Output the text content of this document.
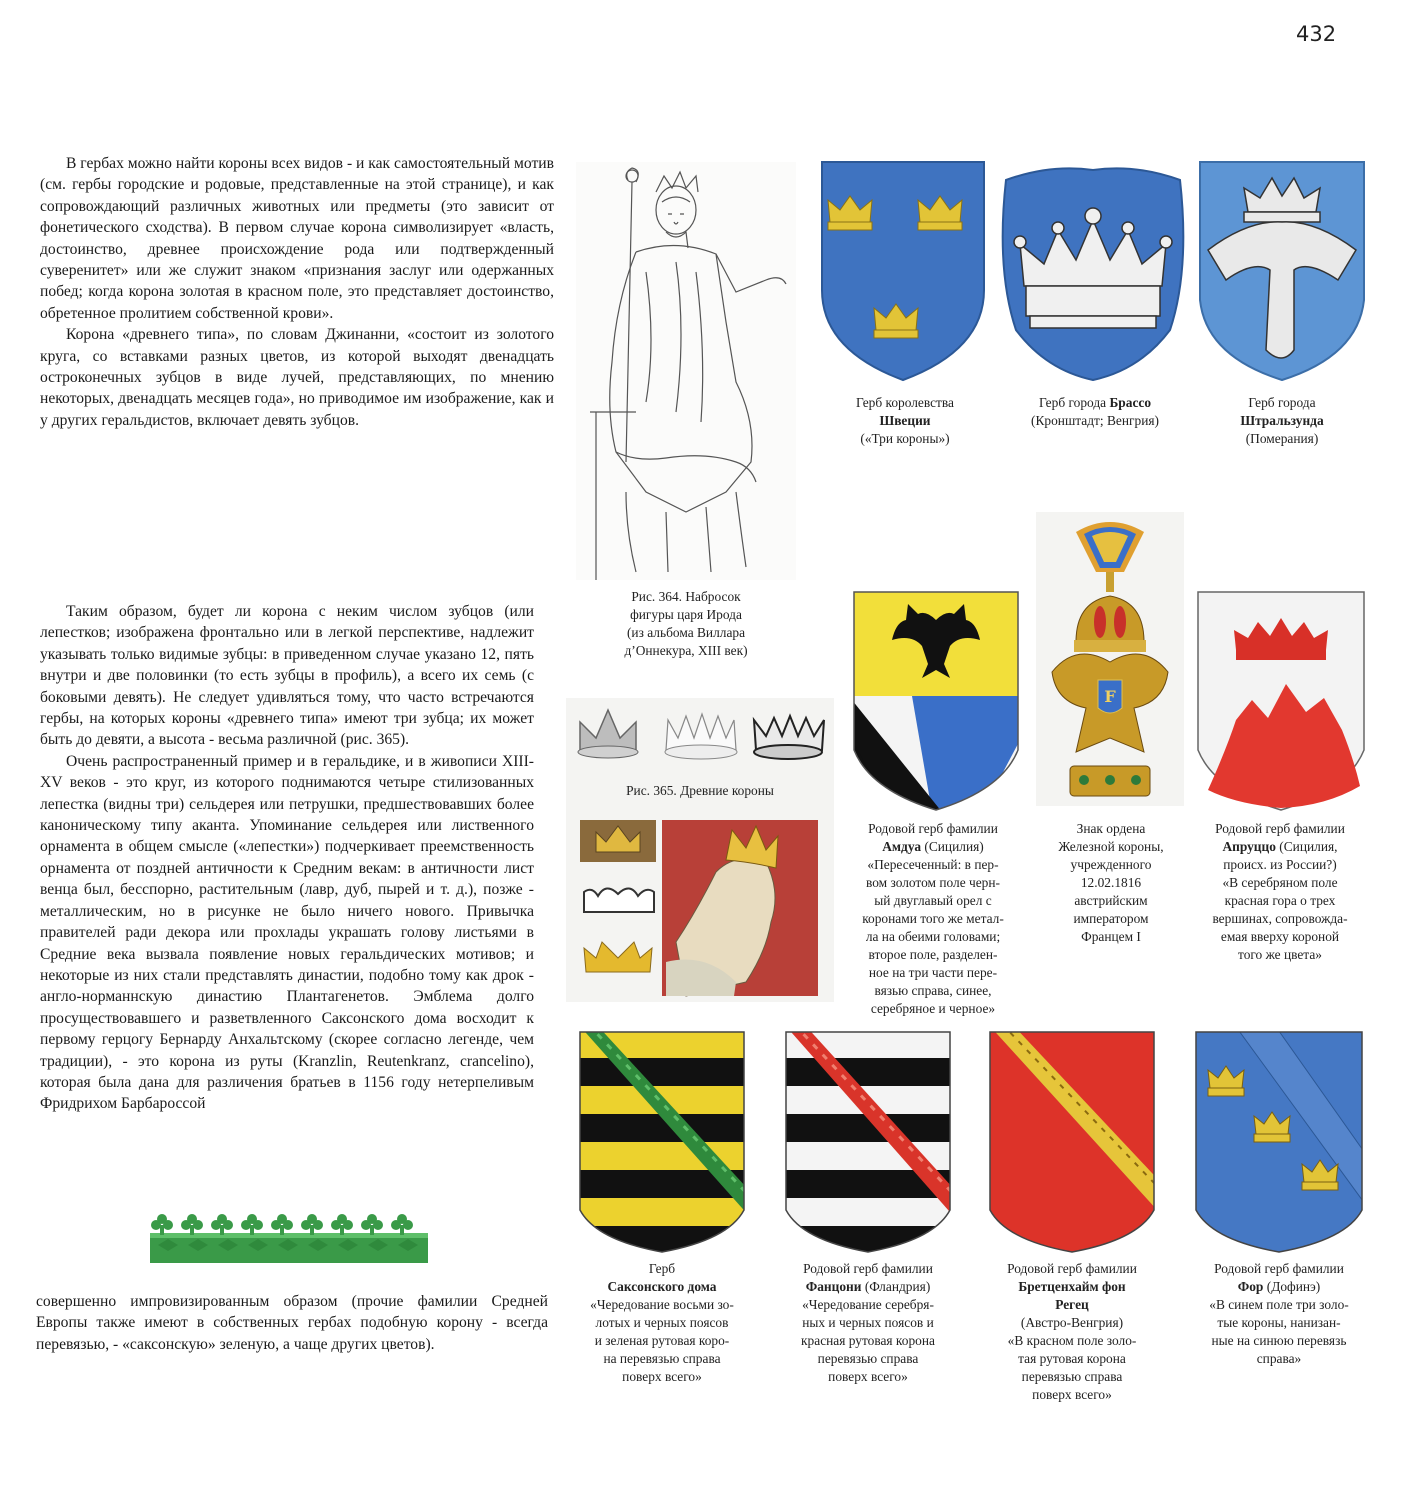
432

В гербах можно найти короны всех видов - и как самостоятельный мотив (см. гербы городские и родовые, представленные на этой странице), и как сопровождающий различных животных или предметы (это зависит от фонетического сходства). В первом случае корона символизирует «власть, достоинство, древнее происхождение рода или подтвержденный суверенитет» или же служит знаком «признания заслуг или одержанных побед; когда корона золотая в красном поле, это представляет достоинство, обретенное пролитием собственной крови».

Корона «древнего типа», по словам Джинанни, «состоит из золотого круга, со вставками разных цветов, из которой выходят двенадцать остроконечных зубцов в виде лучей, представляющих, по мнению некоторых, двенадцать месяцев года», но приводимое им изображение, как и у других геральдистов, включает девять зубцов.

Таким образом, будет ли корона с неким числом зубцов (или лепестков; изображена фронтально или в легкой перспективе, надлежит указывать только видимые зубцы: в приведенном случае указано 12, пять внутри и две половинки (то есть зубцы в профиль), а всего их семь (с боковыми девять). Не следует удивляться тому, что часто встречаются гербы, на которых короны «древнего типа» имеют три зубца; их может быть до девяти, а высота - весьма различной (рис. 365).

Очень распространенный пример и в геральдике, и в живописи XIII-XV веков - это круг, из которого поднимаются четыре стилизованных лепестка (видны три) сельдерея или петрушки, предшествовавших более каноническому типу аканта. Упоминание сельдерея или лиственного орнамента в общем смысле («лепестки») подчеркивает преемственность орнамента от поздней античности к Средним векам: в античности лист венца был, бесспорно, растительным (лавр, дуб, пырей и т. д.), позже - металлическим, но в рисунке не было ничего нового. Привычка правителей ради декора или прохлады украшать голову листьями в Средние века вызвала появление новых геральдических мотивов; и некоторые из них стали представлять династии, подобно тому как дрок - англо-норманнскую династию Плантагенетов. Эмблема долго просуществовавшего и разветвленного Саксонского дома восходит к первому герцогу Бернарду Анхальтскому (скорее согласно легенде, чем традиции), - это корона из руты (Kranzlin, Reutenkranz, crancelino), которая была дана для различения братьев в 1156 году нетерпеливым Фридрихом Барбароссой

совершенно импровизированным образом (прочие фамилии Средней Европы также имеют в собственных гербах подобную корону - всегда перевязью, - «саксонскую» зеленую, а чаще других цветов).

Рис. 364. Набросок
фигуры царя Ирода
(из альбома Виллара
д’Оннекура, XIII век)
Рис. 365. Древние короны
Герб королевства
Швеции
(«Три короны»)
Герб города Брассо
(Кронштадт; Венгрия)
Герб города
Штральзунда
(Померания)
F
Родовой герб фамилии
Амдуа (Сицилия)
«Пересеченный: в пер-
вом золотом поле черн-
ый двуглавый орел с
коронами того же метал-
ла на обеими головами;
второе поле, разделен-
ное на три части пере-
вязью справа, синее,
серебряное и черное»
Знак ордена
Железной короны,
учрежденного
12.02.1816
австрийским
императором
Францем I
Родовой герб фамилии
Апруццо (Сицилия,
происх. из России?)
«В серебряном поле
красная гора о трех
вершинах, сопровожда-
емая вверху короной
того же цвета»
Герб
Саксонского дома
«Чередование восьми зо-
лотых и черных поясов
и зеленая рутовая коро-
на перевязью справа
поверх всего»
Родовой герб фамилии
Фанцони (Фландрия)
«Чередование серебря-
ных и черных поясов и
красная рутовая корона
перевязью справа
поверх всего»
Родовой герб фамилии
Бретценхайм фон
Регец
(Австро-Венгрия)
«В красном поле золо-
тая рутовая корона
перевязью справа
поверх всего»
Родовой герб фамилии
Фор (Дофинэ)
«В синем поле три золо-
тые короны, нанизан-
ные на синюю перевязь
справа»
